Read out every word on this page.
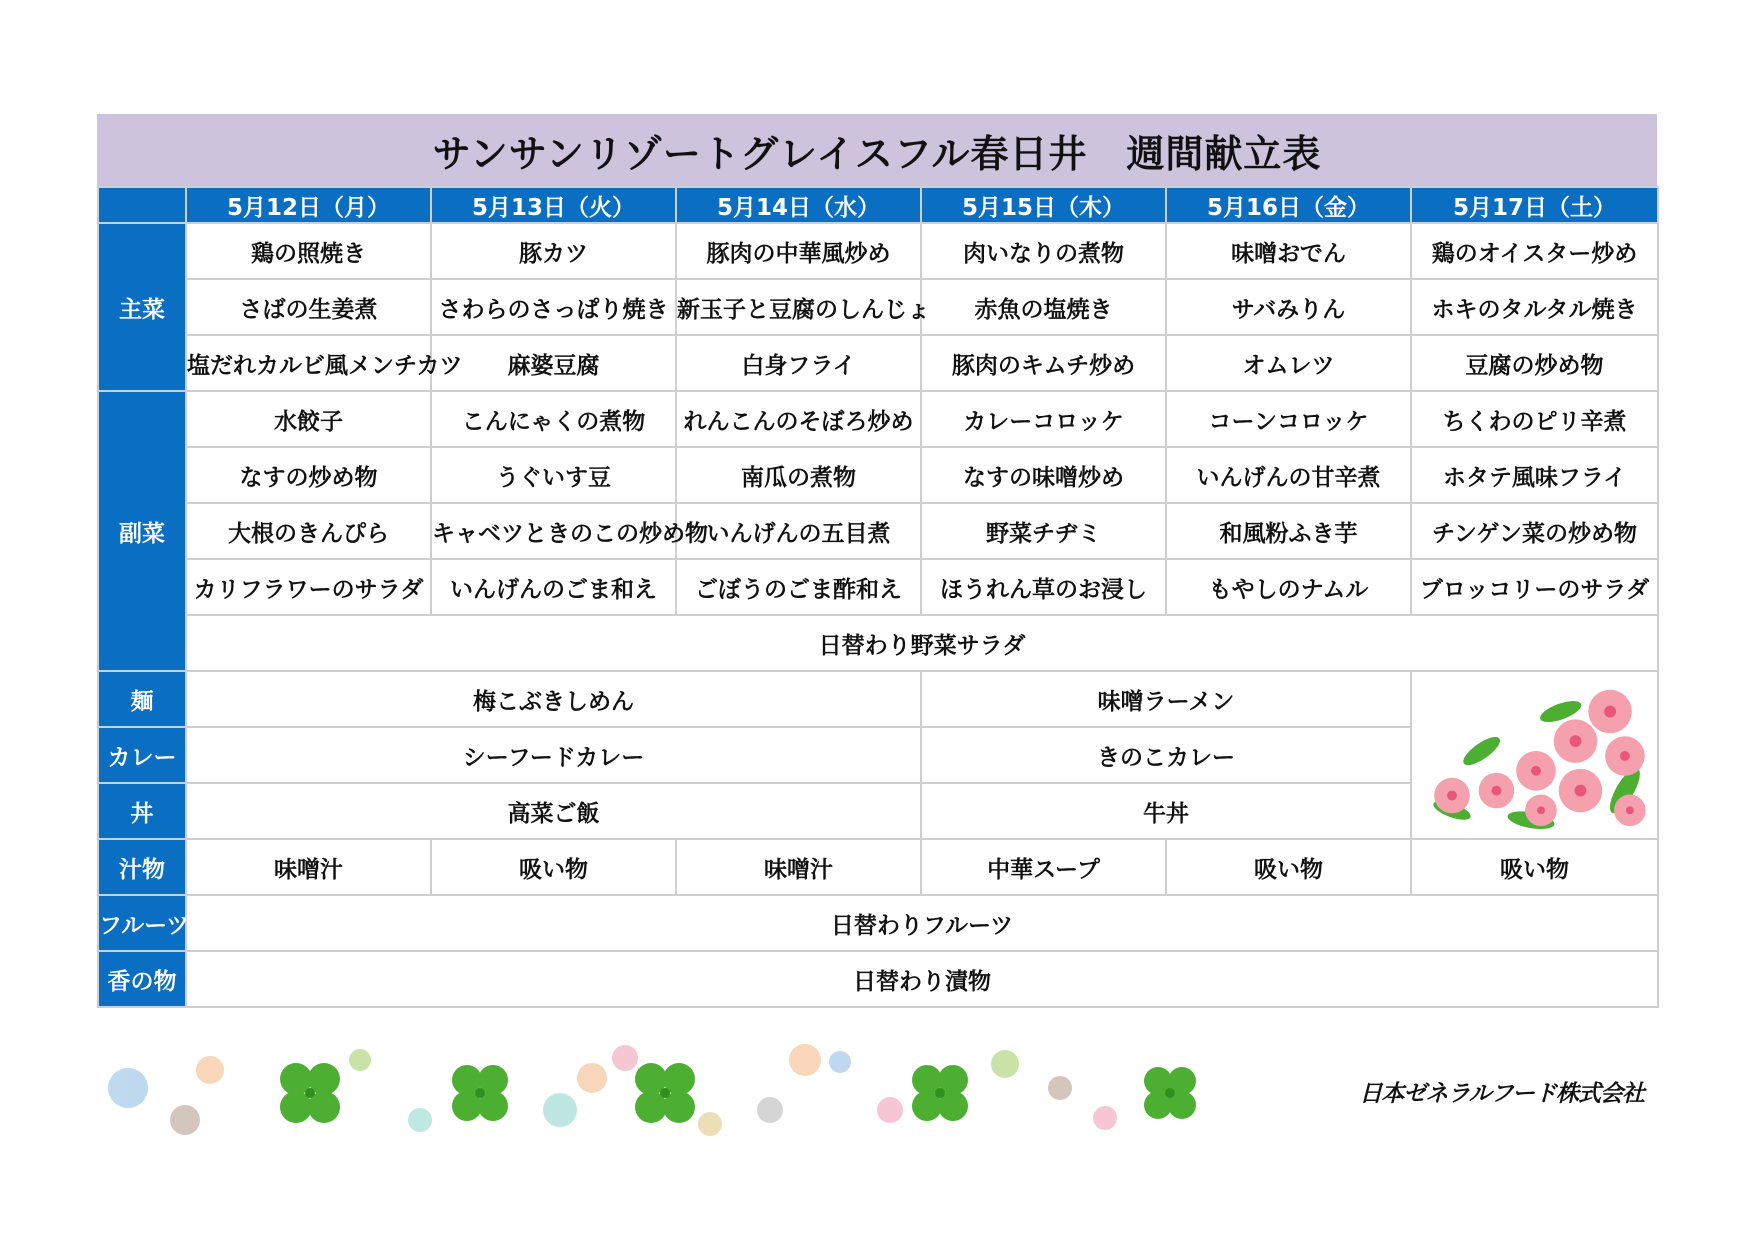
サンサンリゾートグレイスフル春日井　週間献立表
	5月12日（月）	5月13日（火）	5月14日（水）	5月15日（木）	5月16日（金）	5月17日（土）
主菜	鶏の照焼き	豚カツ	豚肉の中華風炒め	肉いなりの煮物	味噌おでん	鶏のオイスター炒め
	さばの生姜煮	さわらのさっぱり焼き	新玉子と豆腐のしんじょ	赤魚の塩焼き	サバみりん	ホキのタルタル焼き
	塩だれカルビ風メンチカツ	麻婆豆腐	白身フライ	豚肉のキムチ炒め	オムレツ	豆腐の炒め物
副菜	水餃子	こんにゃくの煮物	れんこんのそぼろ炒め	カレーコロッケ	コーンコロッケ	ちくわのピリ辛煮
	なすの炒め物	うぐいす豆	南瓜の煮物	なすの味噌炒め	いんげんの甘辛煮	ホタテ風味フライ
	大根のきんぴら	キャベツときのこの炒め物	いんげんの五目煮	野菜チヂミ	和風粉ふき芋	チンゲン菜の炒め物
	カリフラワーのサラダ	いんげんのごま和え	ごぼうのごま酢和え	ほうれん草のお浸し	もやしのナムル	ブロッコリーのサラダ
	日替わり野菜サラダ					
麺	梅こぶきしめん			味噌ラーメン	

カレー	シーフードカレー			きのこカレー		
丼	高菜ご飯			牛丼		
汁物	味噌汁	吸い物	味噌汁	中華スープ	吸い物	吸い物
フルーツ	日替わりフルーツ					
香の物	日替わり漬物					
日本ゼネラルフード株式会社
